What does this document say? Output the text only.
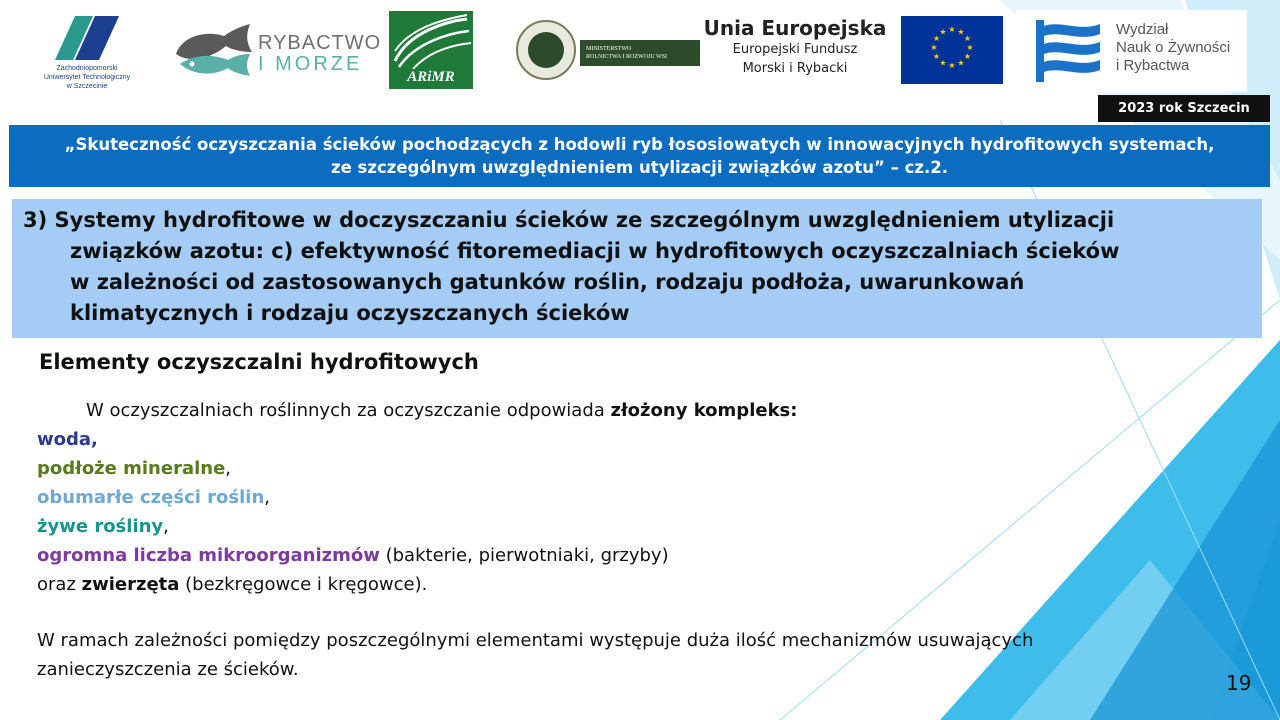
Zachodniopomorski
Uniwersytet Technologiczny
w Szczecinie
RYBACTWO
I MORZE
ARiMR
MINISTERSTWO
ROLNICTWA I ROZWOJU WSI
Unia Europejska
Europejski Fundusz
Morski i Rybacki
★ ★
★
★
★
★
★
★
★
★
★
★	Wydział
Nauk o Żywności
i Rybactwa
2023 rok Szczecin
„Skuteczność oczyszczania ścieków pochodzących z hodowli ryb łososiowatych w innowacyjnych hydrofitowych systemach,
ze szczególnym uwzględnieniem utylizacji związków azotu” – cz.2.
3) Systemy hydrofitowe w doczyszczaniu ścieków ze szczególnym uwzględnieniem utylizacji
związków azotu: c) efektywność fitoremediacji w hydrofitowych oczyszczalniach ścieków
w zależności od zastosowanych gatunków roślin, rodzaju podłoża, uwarunkowań
klimatycznych i rodzaju oczyszczanych ścieków
Elementy oczyszczalni hydrofitowych
W oczyszczalniach roślinnych za oczyszczanie odpowiada złożony kompleks:
woda,
podłoże mineralne,
obumarłe części roślin,
żywe rośliny,
ogromna liczba mikroorganizmów (bakterie, pierwotniaki, grzyby)
oraz zwierzęta (bezkręgowce i kręgowce).
W ramach zależności pomiędzy poszczególnymi elementami występuje duża ilość mechanizmów usuwających
zanieczyszczenia ze ścieków.
19
